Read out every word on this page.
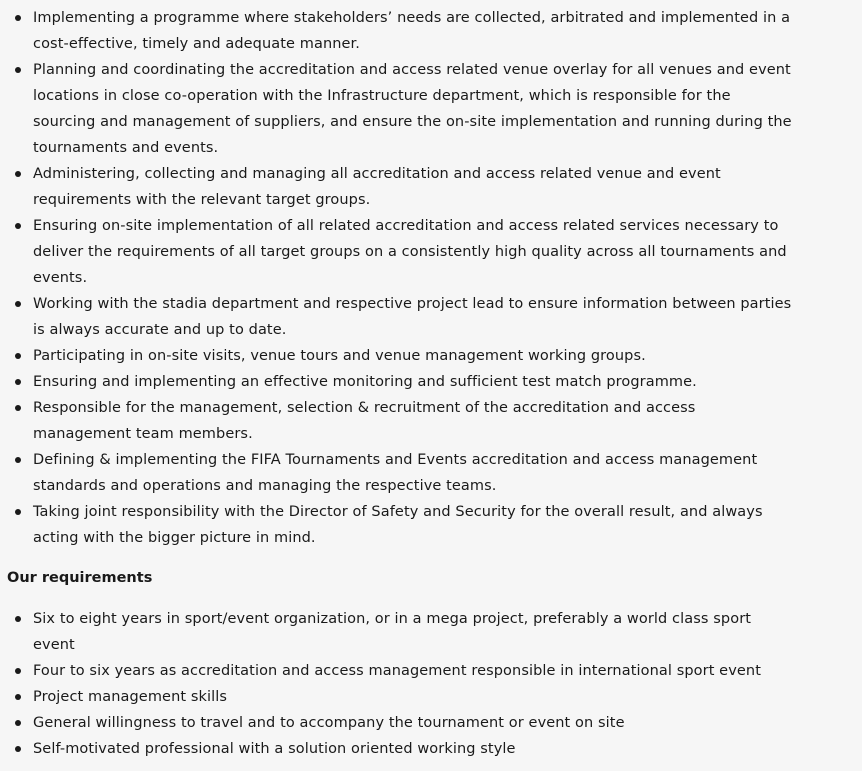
Implementing a programme where stakeholders’ needs are collected, arbitrated and implemented in a cost-effective, timely and adequate manner.
Planning and coordinating the accreditation and access related venue overlay for all venues and event locations in close co-operation with the Infrastructure department, which is responsible for the sourcing and management of suppliers, and ensure the on-site implementation and running during the tournaments and events.
Administering, collecting and managing all accreditation and access related venue and event requirements with the relevant target groups.
Ensuring on-site implementation of all related accreditation and access related services necessary to deliver the requirements of all target groups on a consistently high quality across all tournaments and events.
Working with the stadia department and respective project lead to ensure information between parties is always accurate and up to date.
Participating in on-site visits, venue tours and venue management working groups.
Ensuring and implementing an effective monitoring and sufficient test match programme.
Responsible for the management, selection & recruitment of the accreditation and access management team members.
Defining & implementing the FIFA Tournaments and Events accreditation and access management standards and operations and managing the respective teams.
Taking joint responsibility with the Director of Safety and Security for the overall result, and always acting with the bigger picture in mind.
Our requirements
Six to eight years in sport/event organization, or in a mega project, preferably a world class sport event
Four to six years as accreditation and access management responsible in international sport event
Project management skills
General willingness to travel and to accompany the tournament or event on site
Self-motivated professional with a solution oriented working style
